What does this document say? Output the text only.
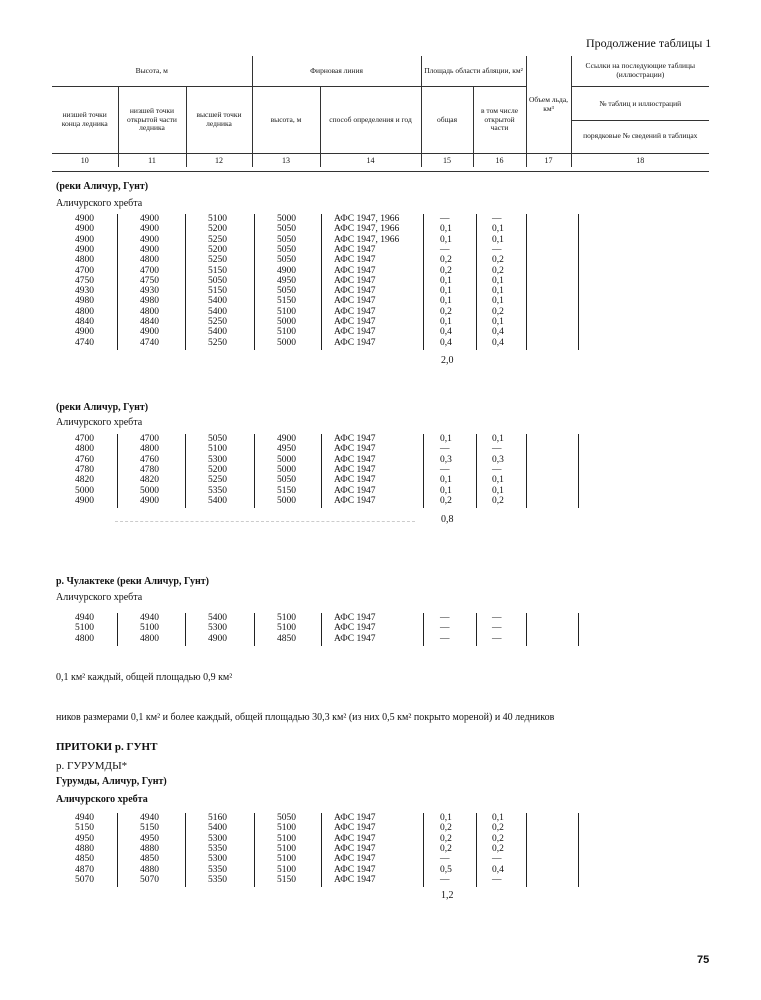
Продолжение таблицы 1
Высота, м			Фирновая линия		Площадь области абляции, км²		Объем льда, км³	Ссылки на последующие таблицы (иллюстрации)
низшей точки конца ледника	низшей точки открытой части ледника	высшей точки ледника	высота, м	способ определения и год	общая	в том числе открытой части		№ таблиц и иллюстраций
порядковые № сведений в таблицах

10	11	12	13	14	15	16	17	18
(реки Аличур, Гунт)
Аличурского хребта
4900	4900	5100	5000	АФС 1947, 1966	—	—
4900	4900	5200	5050	АФС 1947, 1966	0,1	0,1
4900	4900	5250	5050	АФС 1947, 1966	0,1	0,1
4900	4900	5200	5050	АФС 1947	—	—
4800	4800	5250	5050	АФС 1947	0,2	0,2
4700	4700	5150	4900	АФС 1947	0,2	0,2
4750	4750	5050	4950	АФС 1947	0,1	0,1
4930	4930	5150	5050	АФС 1947	0,1	0,1
4980	4980	5400	5150	АФС 1947	0,1	0,1
4800	4800	5400	5100	АФС 1947	0,2	0,2
4840	4840	5250	5000	АФС 1947	0,1	0,1
4900	4900	5400	5100	АФС 1947	0,4	0,4
4740	4740	5250	5000	АФС 1947	0,4	0,4
2,0
(реки Аличур, Гунт)
Аличурского хребта
4700	4700	5050	4900	АФС 1947	0,1	0,1
4800	4800	5100	4950	АФС 1947	—	—
4760	4760	5300	5000	АФС 1947	0,3	0,3
4780	4780	5200	5000	АФС 1947	—	—
4820	4820	5250	5050	АФС 1947	0,1	0,1
5000	5000	5350	5150	АФС 1947	0,1	0,1
4900	4900	5400	5000	АФС 1947	0,2	0,2
0,8
р. Чулактеке (реки Аличур, Гунт)
Аличурского хребта
4940	4940	5400	5100	АФС 1947	—	—
5100	5100	5300	5100	АФС 1947	—	—
4800	4800	4900	4850	АФС 1947	—	—
0,1 км² каждый, общей площадью 0,9 км²
ников размерами 0,1 км² и более каждый, общей площадью 30,3 км² (из них 0,5 км² покрыто мореной) и 40 ледников
ПРИТОКИ р. ГУНТ
р. ГУРУМДЫ*
Гурумды, Аличур, Гунт)
Аличурского хребта
4940	4940	5160	5050	АФС 1947	0,1	0,1
5150	5150	5400	5100	АФС 1947	0,2	0,2
4950	4950	5300	5100	АФС 1947	0,2	0,2
4880	4880	5350	5100	АФС 1947	0,2	0,2
4850	4850	5300	5100	АФС 1947	—	—
4870	4880	5350	5100	АФС 1947	0,5	0,4
5070	5070	5350	5150	АФС 1947	—	—
1,2
75
